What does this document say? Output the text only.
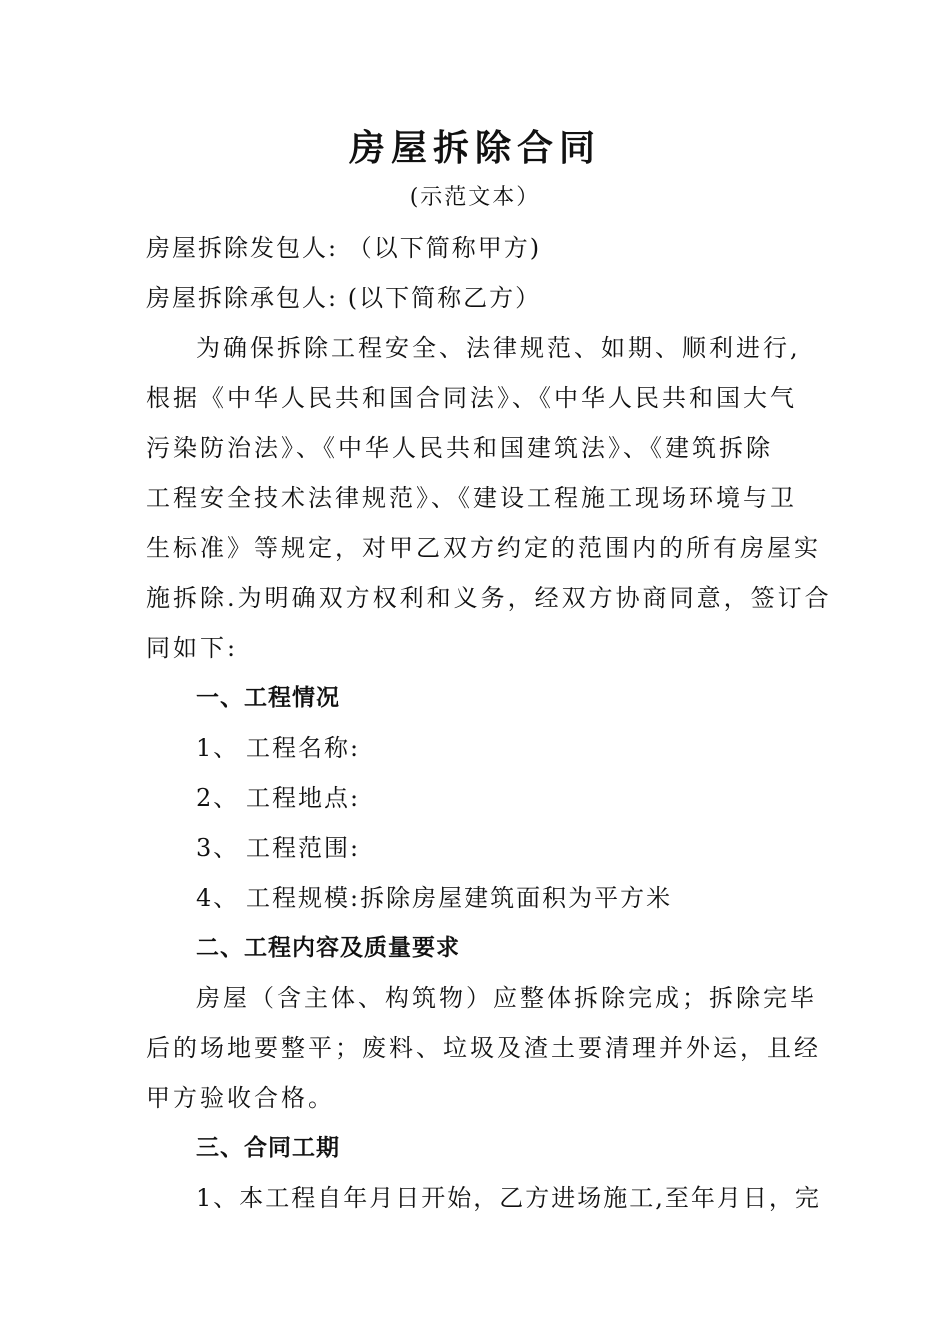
房屋拆除合同
(示范文本）
房屋拆除发包人: （以下简称甲方)
房屋拆除承包人: (以下简称乙方）
为确保拆除工程安全、法律规范、如期、顺利进行,
根据《中华人民共和国合同法》、《中华人民共和国大气
污染防治法》、《中华人民共和国建筑法》、《建筑拆除
工程安全技术法律规范》、《建设工程施工现场环境与卫
生标准》等规定，对甲乙双方约定的范围内的所有房屋实
施拆除.为明确双方权利和义务，经双方协商同意，签订合
同如下:
一、工程情况
1、 工程名称:
2、 工程地点:
3、 工程范围:
4、 工程规模:拆除房屋建筑面积为平方米
二、工程内容及质量要求
房屋（含主体、构筑物）应整体拆除完成；拆除完毕
后的场地要整平；废料、垃圾及渣土要清理并外运，且经
甲方验收合格。
三、合同工期
1、本工程自年月日开始，乙方进场施工,至年月日，完
